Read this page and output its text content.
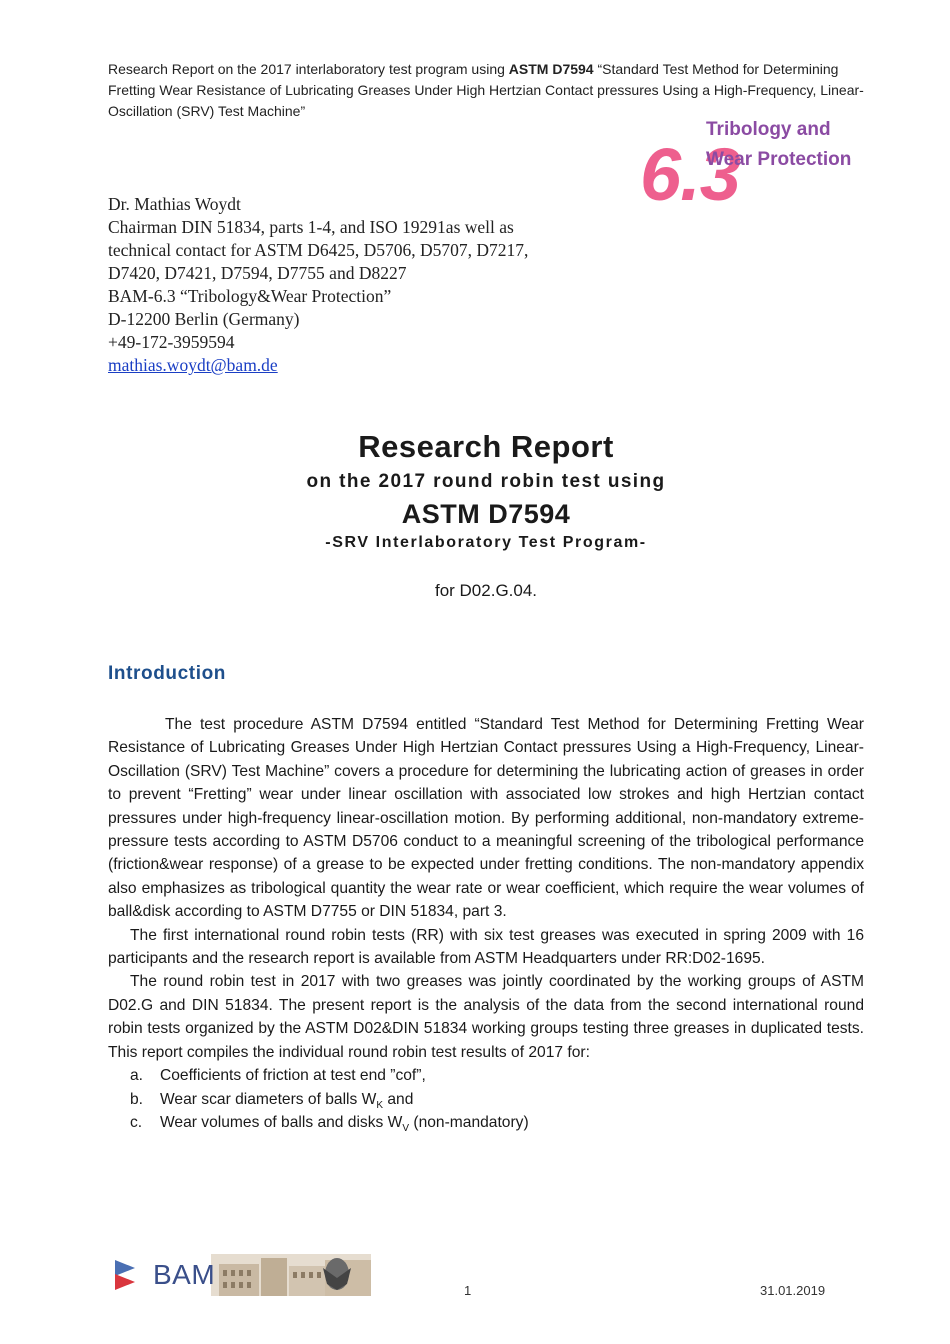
Research Report on the 2017 interlaboratory test program using ASTM D7594 “Standard Test Method for Determining Fretting Wear Resistance of Lubricating Greases Under High Hertzian Contact pressures Using a High-Frequency, Linear-Oscillation (SRV) Test Machine”
6.3
Tribology and
Wear Protection
Dr. Mathias Woydt
Chairman DIN 51834, parts 1-4, and ISO 19291as well as
technical contact for ASTM D6425, D5706, D5707, D7217,
D7420, D7421, D7594, D7755 and D8227
BAM-6.3 “Tribology&Wear Protection”
D-12200 Berlin (Germany)
+49-172-3959594
mathias.woydt@bam.de
Research Report
on the 2017 round robin test using
ASTM D7594
-SRV Interlaboratory Test Program-
for D02.G.04.
Introduction

The test procedure ASTM D7594 entitled “Standard Test Method for Determining Fretting Wear Resistance of Lubricating Greases Under High Hertzian Contact pressures Using a High-Frequency, Linear-Oscillation (SRV) Test Machine” covers a procedure for determining the lubricating action of greases in order to prevent “Fretting” wear under linear oscillation with associated low strokes and high Hertzian contact pressures under high-frequency linear-oscillation motion. By performing additional, non-mandatory extreme-pressure tests according to ASTM D5706 conduct to a meaningful screening of the tribological performance (friction&wear response) of a grease to be expected under fretting conditions. The non-mandatory appendix also emphasizes as tribological quantity the wear rate or wear coefficient, which require the wear volumes of ball&disk according to ASTM D7755 or DIN 51834, part 3.

The first international round robin tests (RR) with six test greases was executed in spring 2009 with 16 participants and the research report is available from ASTM Headquarters under RR:D02-1695.

The round robin test in 2017 with two greases was jointly coordinated by the working groups of ASTM D02.G and DIN 51834. The present report is the analysis of the data from the second international round robin tests organized by the ASTM D02&DIN 51834 working groups testing three greases in duplicated tests. This report compiles the individual round robin test results of 2017 for:

a. Coefficients of friction at test end ”cof”,
b. Wear scar diameters of balls $W_K$ and
c. Wear volumes of balls and disks $W_V$ (non-mandatory)
BAM
1	31.01.2019
